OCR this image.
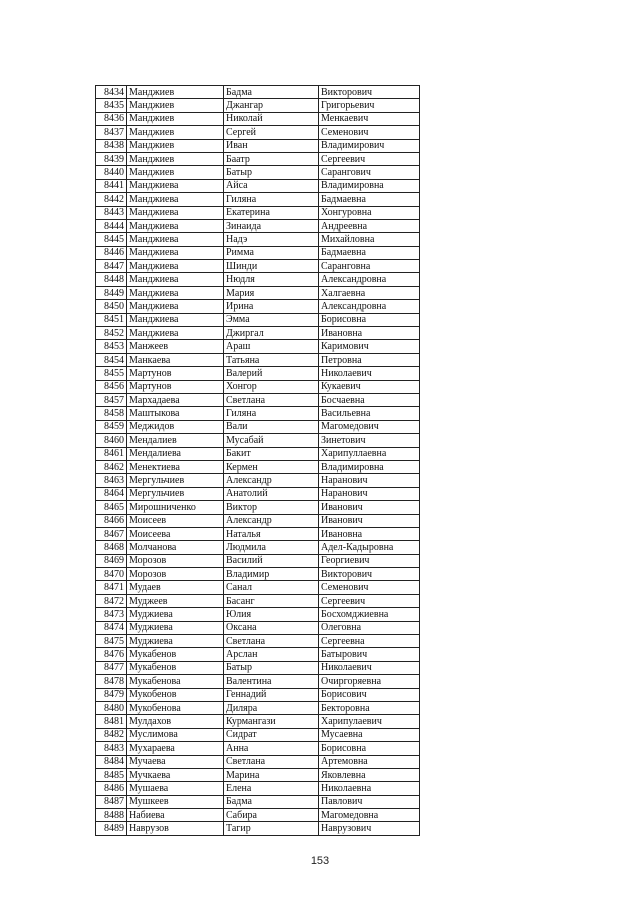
8434	Манджиев	Бадма	Викторович
8435	Манджиев	Джангар	Григорьевич
8436	Манджиев	Николай	Менкаевич
8437	Манджиев	Сергей	Семенович
8438	Манджиев	Иван	Владимирович
8439	Манджиев	Баатр	Сергеевич
8440	Манджиев	Батыр	Сарангович
8441	Манджиева	Айса	Владимировна
8442	Манджиева	Гиляна	Бадмаевна
8443	Манджиева	Екатерина	Хонгуровна
8444	Манджиева	Зинаида	Андреевна
8445	Манджиева	Надэ	Михайловна
8446	Манджиева	Римма	Бадмаевна
8447	Манджиева	Шинди	Саранговна
8448	Манджиева	Нюдля	Александровна
8449	Манджиева	Мария	Халгаевна
8450	Манджиева	Ирина	Александровна
8451	Манджиева	Эмма	Борисовна
8452	Манджиева	Джиргал	Ивановна
8453	Манжеев	Араш	Каримович
8454	Манкаева	Татьяна	Петровна
8455	Мартунов	Валерий	Николаевич
8456	Мартунов	Хонгор	Кукаевич
8457	Мархадаева	Светлана	Босчаевна
8458	Маштыкова	Гиляна	Васильевна
8459	Меджидов	Вали	Магомедович
8460	Мендалиев	Мусабай	Зинетович
8461	Мендалиева	Бакит	Харипуллаевна
8462	Менектиева	Кермен	Владимировна
8463	Мергульчиев	Александр	Наранович
8464	Мергульчиев	Анатолий	Наранович
8465	Мирошниченко	Виктор	Иванович
8466	Моисеев	Александр	Иванович
8467	Моисеева	Наталья	Ивановна
8468	Молчанова	Людмила	Адел-Кадыровна
8469	Морозов	Василий	Георгиевич
8470	Морозов	Владимир	Викторович
8471	Мудаев	Санал	Семенович
8472	Муджеев	Басанг	Сергеевич
8473	Муджиева	Юлия	Босхомджиевна
8474	Муджиева	Оксана	Олеговна
8475	Муджиева	Светлана	Сергеевна
8476	Мукабенов	Арслан	Батырович
8477	Мукабенов	Батыр	Николаевич
8478	Мукабенова	Валентина	Очиргоряевна
8479	Мукобенов	Геннадий	Борисович
8480	Мукобенова	Диляра	Бекторовна
8481	Мулдахов	Курмангази	Харипулаевич
8482	Муслимова	Сидрат	Мусаевна
8483	Мухараева	Анна	Борисовна
8484	Мучаева	Светлана	Артемовна
8485	Мучкаева	Марина	Яковлевна
8486	Мушаева	Елена	Николаевна
8487	Мушкеев	Бадма	Павлович
8488	Набиева	Сабира	Магомедовна
8489	Наврузов	Тагир	Наврузович
153
